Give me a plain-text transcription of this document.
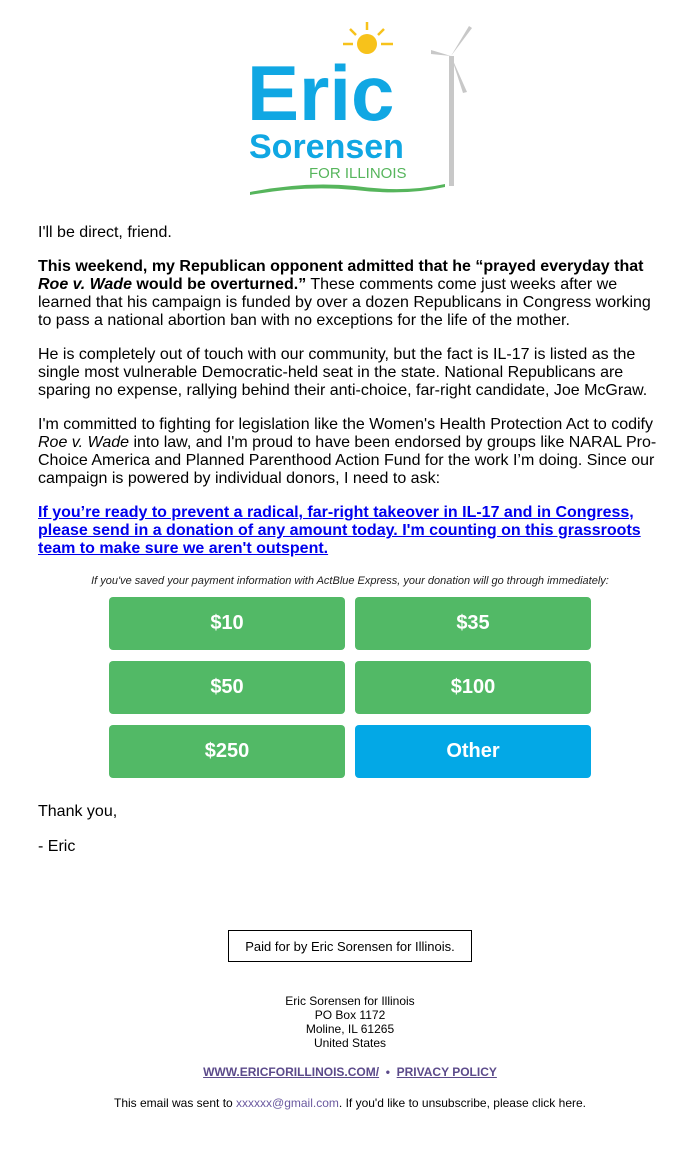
Eric
Sorensen
FOR ILLINOIS

I'll be direct, friend.

This weekend, my Republican opponent admitted that he “prayed everyday that Roe v. Wade would be overturned.” These comments come just weeks after we learned that his campaign is funded by over a dozen Republicans in Congress working to pass a national abortion ban with no exceptions for the life of the mother.

He is completely out of touch with our community, but the fact is IL-17 is listed as the single most vulnerable Democratic-held seat in the state. National Republicans are sparing no expense, rallying behind their anti-choice, far-right candidate, Joe McGraw.

I'm committed to fighting for legislation like the Women's Health Protection Act to codify Roe v. Wade into law, and I'm proud to have been endorsed by groups like NARAL Pro-Choice America and Planned Parenthood Action Fund for the work I’m doing. Since our campaign is powered by individual donors, I need to ask:

If you’re ready to prevent a radical, far-right takeover in IL-17 and in Congress, please send in a donation of any amount today. I'm counting on this grassroots team to make sure we aren't outspent.
If you've saved your payment information with ActBlue Express, your donation will go through immediately:
$10	$35
$50	$100
$250	Other
Thank you,
- Eric
Paid for by Eric Sorensen for Illinois.
Eric Sorensen for Illinois
PO Box 1172
Moline, IL 61265
United States
WWW.ERICFORILLINOIS.COM/ • PRIVACY POLICY
This email was sent to xxxxxx@gmail.com. If you'd like to unsubscribe, please click here.
